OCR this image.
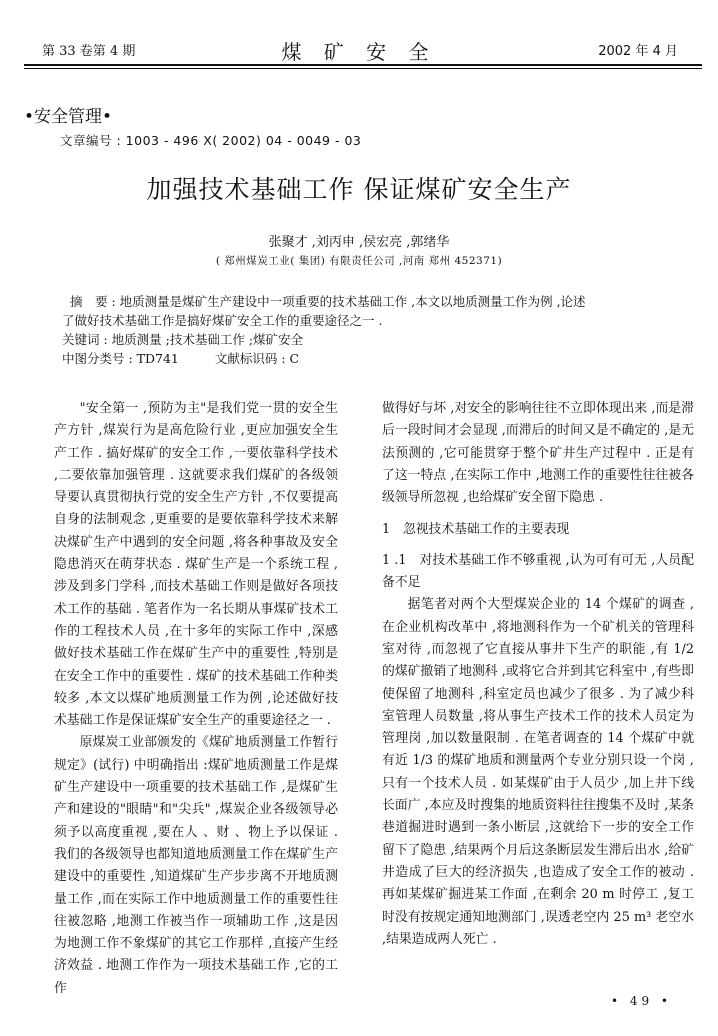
第 33 卷第 4 期	煤 矿 安 全	2002 年 4 月
•安全管理•
文章编号 : 1003 - 496 X( 2002) 04 - 0049 - 03
加强技术基础工作 保证煤矿安全生产
张聚才 ,刘丙申 ,侯宏亮 ,郭绪华
( 郑州煤炭工业( 集团) 有限责任公司 ,河南 郑州 452371)

摘　要 : 地质测量是煤矿生产建设中一项重要的技术基础工作 ,本文以地质测量工作为例 ,论述

了做好技术基础工作是搞好煤矿安全工作的重要途径之一 .

关键词 : 地质测量 ;技术基础工作 ;煤矿安全

中图分类号 : TD741	文献标识码 : C

"安全第一 ,预防为主"是我们党一贯的安全生产方针 ,煤炭行为是高危险行业 ,更应加强安全生产工作 . 搞好煤矿的安全工作 ,一要依靠科学技术 ,二要依靠加强管理 . 这就要求我们煤矿的各级领导要认真贯彻执行党的安全生产方针 ,不仅要提高自身的法制观念 ,更重要的是要依靠科学技术来解决煤矿生产中遇到的安全问题 ,将各种事故及安全隐患消灭在萌芽状态 . 煤矿生产是一个系统工程 ,涉及到多门学科 ,而技术基础工作则是做好各项技术工作的基础 . 笔者作为一名长期从事煤矿技术工作的工程技术人员 ,在十多年的实际工作中 ,深感做好技术基础工作在煤矿生产中的重要性 ,特别是在安全工作中的重要性 . 煤矿的技术基础工作种类较多 ,本文以煤矿地质测量工作为例 ,论述做好技术基础工作是保证煤矿安全生产的重要途径之一 .

原煤炭工业部颁发的《煤矿地质测量工作暂行规定》(试行) 中明确指出 :煤矿地质测量工作是煤矿生产建设中一项重要的技术基础工作 ,是煤矿生产和建设的"眼睛"和"尖兵" ,煤炭企业各级领导必须予以高度重视 ,要在人 、财 、物上予以保证 . 我们的各级领导也都知道地质测量工作在煤矿生产建设中的重要性 ,知道煤矿生产步步离不开地质测量工作 ,而在实际工作中地质测量工作的重要性往往被忽略 ,地测工作被当作一项辅助工作 ,这是因为地测工作不象煤矿的其它工作那样 ,直接产生经济效益 . 地测工作作为一项技术基础工作 ,它的工作

做得好与坏 ,对安全的影响往往不立即体现出来 ,而是滞后一段时间才会显现 ,而滞后的时间又是不确定的 ,是无法预测的 ,它可能贯穿于整个矿井生产过程中 . 正是有了这一特点 ,在实际工作中 ,地测工作的重要性往往被各级领导所忽视 ,也给煤矿安全留下隐患 .

1　忽视技术基础工作的主要表现

1 .1　对技术基础工作不够重视 ,认为可有可无 ,人员配备不足

据笔者对两个大型煤炭企业的 14 个煤矿的调查 ,在企业机构改革中 ,将地测科作为一个矿机关的管理科室对待 ,而忽视了它直接从事井下生产的职能 ,有 1/2 的煤矿撤销了地测科 ,或将它合并到其它科室中 ,有些即使保留了地测科 ,科室定员也减少了很多 . 为了减少科室管理人员数量 ,将从事生产技术工作的技术人员定为管理岗 ,加以数量限制 . 在笔者调查的 14 个煤矿中就有近 1/3 的煤矿地质和测量两个专业分别只设一个岗 ,只有一个技术人员 . 如某煤矿由于人员少 ,加上井下线长面广 ,本应及时搜集的地质资料往往搜集不及时 ,某条巷道掘进时遇到一条小断层 ,这就给下一步的安全工作留下了隐患 ,结果两个月后这条断层发生滞后出水 ,给矿井造成了巨大的经济损失 ,也造成了安全工作的被动 . 再如某煤矿掘进某工作面 ,在剩余 20 m 时停工 ,复工时没有按规定通知地测部门 ,误透老空内 25 m³ 老空水 ,结果造成两人死亡 .

• 49 •
